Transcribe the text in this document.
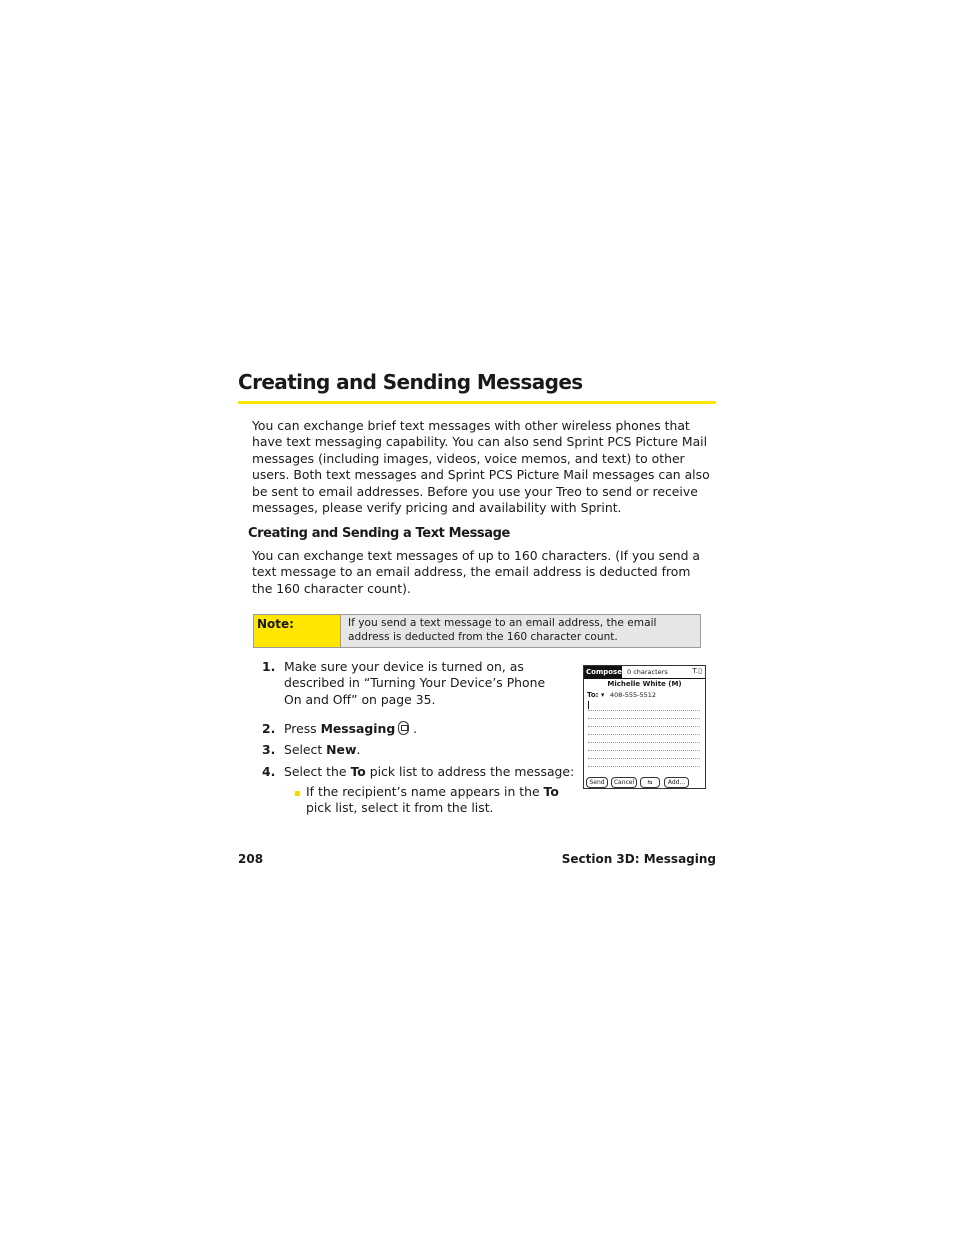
Creating and Sending Messages
You can exchange brief text messages with other wireless phones that have text messaging capability. You can also send Sprint PCS Picture Mail messages (including images, videos, voice memos, and text) to other users. Both text messages and Sprint PCS Picture Mail messages can also be sent to email addresses. Before you use your Treo to send or receive messages, please verify pricing and availability with Sprint.
Creating and Sending a Text Message
You can exchange text messages of up to 160 characters. (If you send a text message to an email address, the email address is deducted from the 160 character count).
Note:	If you send a text message to an email address, the email address is deducted from the 160 character count.
1. Make sure your device is turned on, as described in “Turning Your Device’s Phone On and Off” on page 35.
2. Press Messaging .
3. Select New.
4. Select the To pick list to address the message:
If the recipient’s name appears in the To pick list, select it from the list.
Compose 0 characters	T.▯
Michelle White (M)
To: ▾ 408-555-5512
Send	Cancel	⇆	Add...
208	Section 3D: Messaging
